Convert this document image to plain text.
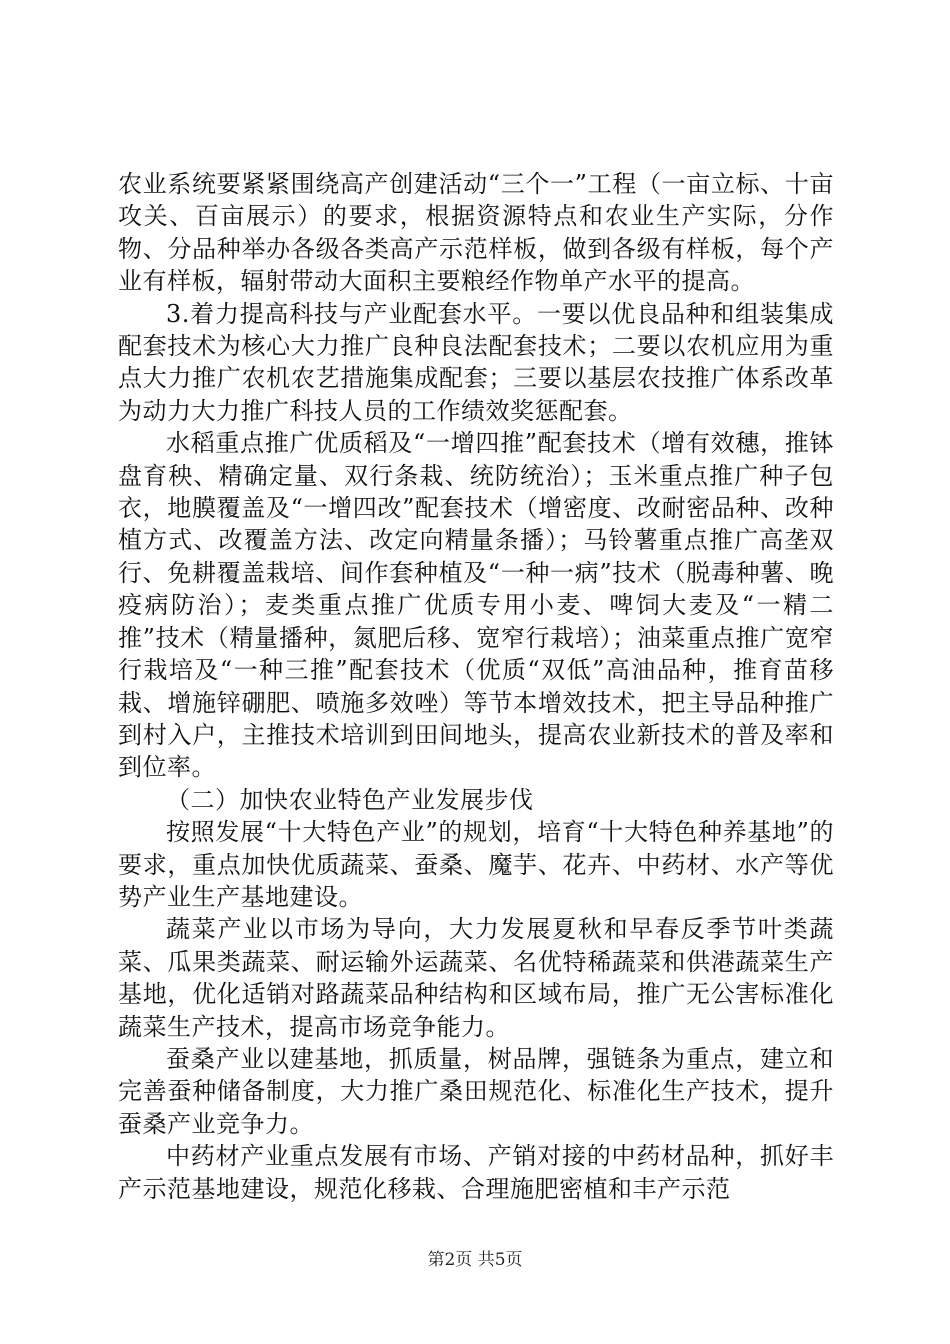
农业系统要紧紧围绕高产创建活动“三个一”工程（一亩立标、十亩攻关、百亩展示）的要求，根据资源特点和农业生产实际，分作物、分品种举办各级各类高产示范样板，做到各级有样板，每个产业有样板，辐射带动大面积主要粮经作物单产水平的提高。

3.着力提高科技与产业配套水平。一要以优良品种和组装集成配套技术为核心大力推广良种良法配套技术；二要以农机应用为重点大力推广农机农艺措施集成配套；三要以基层农技推广体系改革为动力大力推广科技人员的工作绩效奖惩配套。

水稻重点推广优质稻及“一增四推”配套技术（增有效穗，推钵盘育秧、精确定量、双行条栽、统防统治）；玉米重点推广种子包衣，地膜覆盖及“一增四改”配套技术（增密度、改耐密品种、改种植方式、改覆盖方法、改定向精量条播）；马铃薯重点推广高垄双行、免耕覆盖栽培、间作套种植及“一种一病”技术（脱毒种薯、晚疫病防治）；麦类重点推广优质专用小麦、啤饲大麦及“一精二推”技术（精量播种，氮肥后移、宽窄行栽培）；油菜重点推广宽窄行栽培及“一种三推”配套技术（优质“双低”高油品种，推育苗移栽、增施锌硼肥、喷施多效唑）等节本增效技术，把主导品种推广到村入户，主推技术培训到田间地头，提高农业新技术的普及率和到位率。

（二）加快农业特色产业发展步伐

按照发展“十大特色产业”的规划，培育“十大特色种养基地”的要求，重点加快优质蔬菜、蚕桑、魔芋、花卉、中药材、水产等优势产业生产基地建设。

蔬菜产业以市场为导向，大力发展夏秋和早春反季节叶类蔬菜、瓜果类蔬菜、耐运输外运蔬菜、名优特稀蔬菜和供港蔬菜生产基地，优化适销对路蔬菜品种结构和区域布局，推广无公害标准化蔬菜生产技术，提高市场竞争能力。

蚕桑产业以建基地，抓质量，树品牌，强链条为重点，建立和完善蚕种储备制度，大力推广桑田规范化、标准化生产技术，提升蚕桑产业竞争力。

中药材产业重点发展有市场、产销对接的中药材品种，抓好丰产示范基地建设，规范化移栽、合理施肥密植和丰产示范

第2页 共5页
